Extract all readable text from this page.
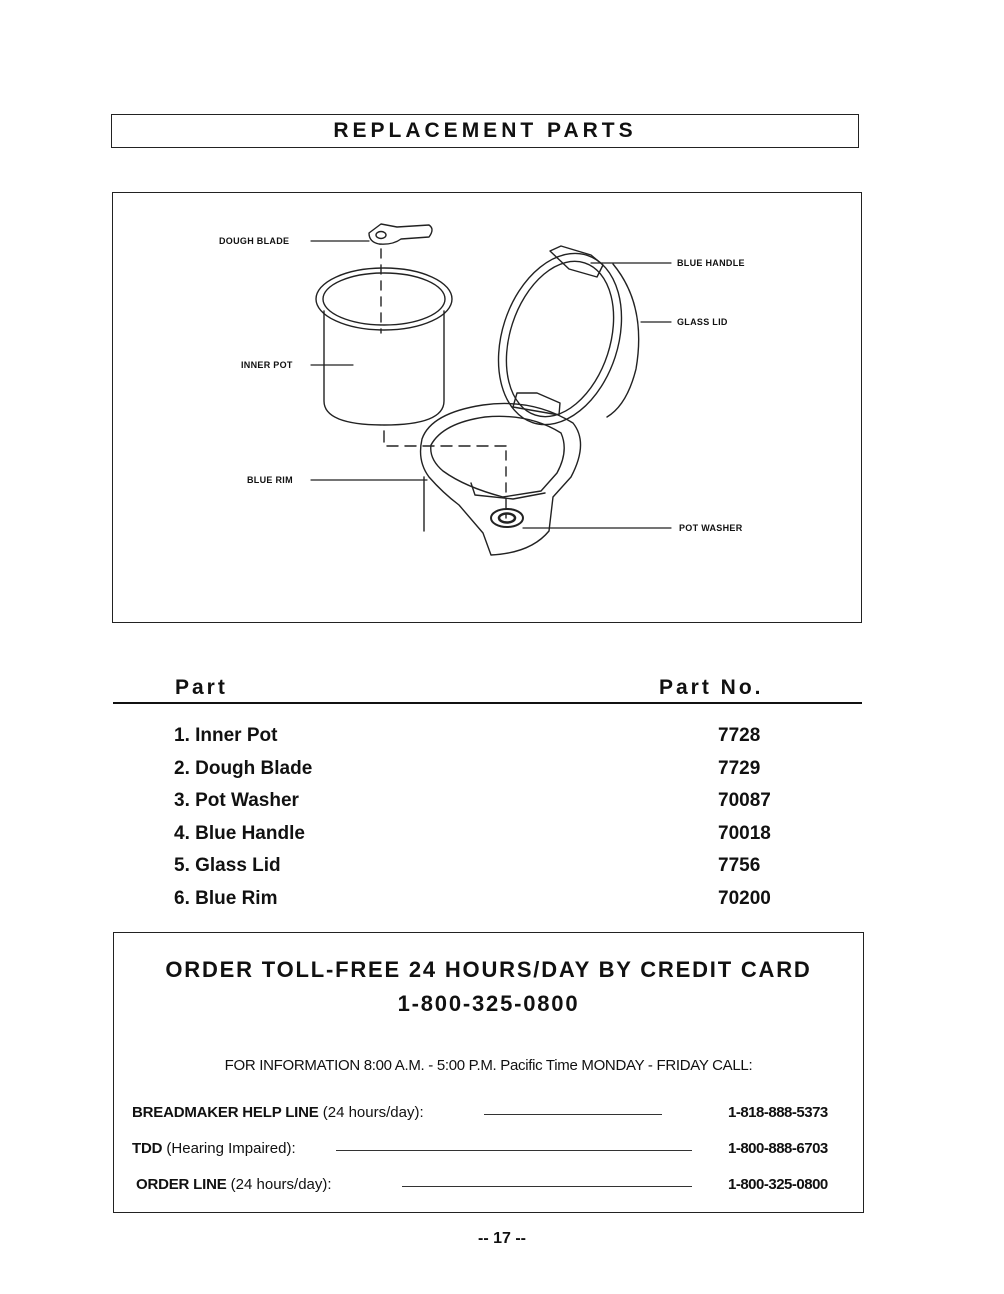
REPLACEMENT PARTS
DOUGH BLADE
INNER POT
BLUE RIM
BLUE HANDLE
GLASS LID
POT WASHER
Part	Part No.
1. Inner Pot	7728
2. Dough Blade	7729
3. Pot Washer	70087
4. Blue Handle	70018
5. Glass Lid	7756
6. Blue Rim	70200
ORDER TOLL-FREE 24 HOURS/DAY BY CREDIT CARD
1-800-325-0800
FOR INFORMATION 8:00 A.M. - 5:00 P.M. Pacific Time MONDAY - FRIDAY CALL:
BREADMAKER HELP LINE (24 hours/day):	1-818-888-5373
TDD (Hearing Impaired):	1-800-888-6703
ORDER LINE (24 hours/day):	1-800-325-0800
-- 17 --
